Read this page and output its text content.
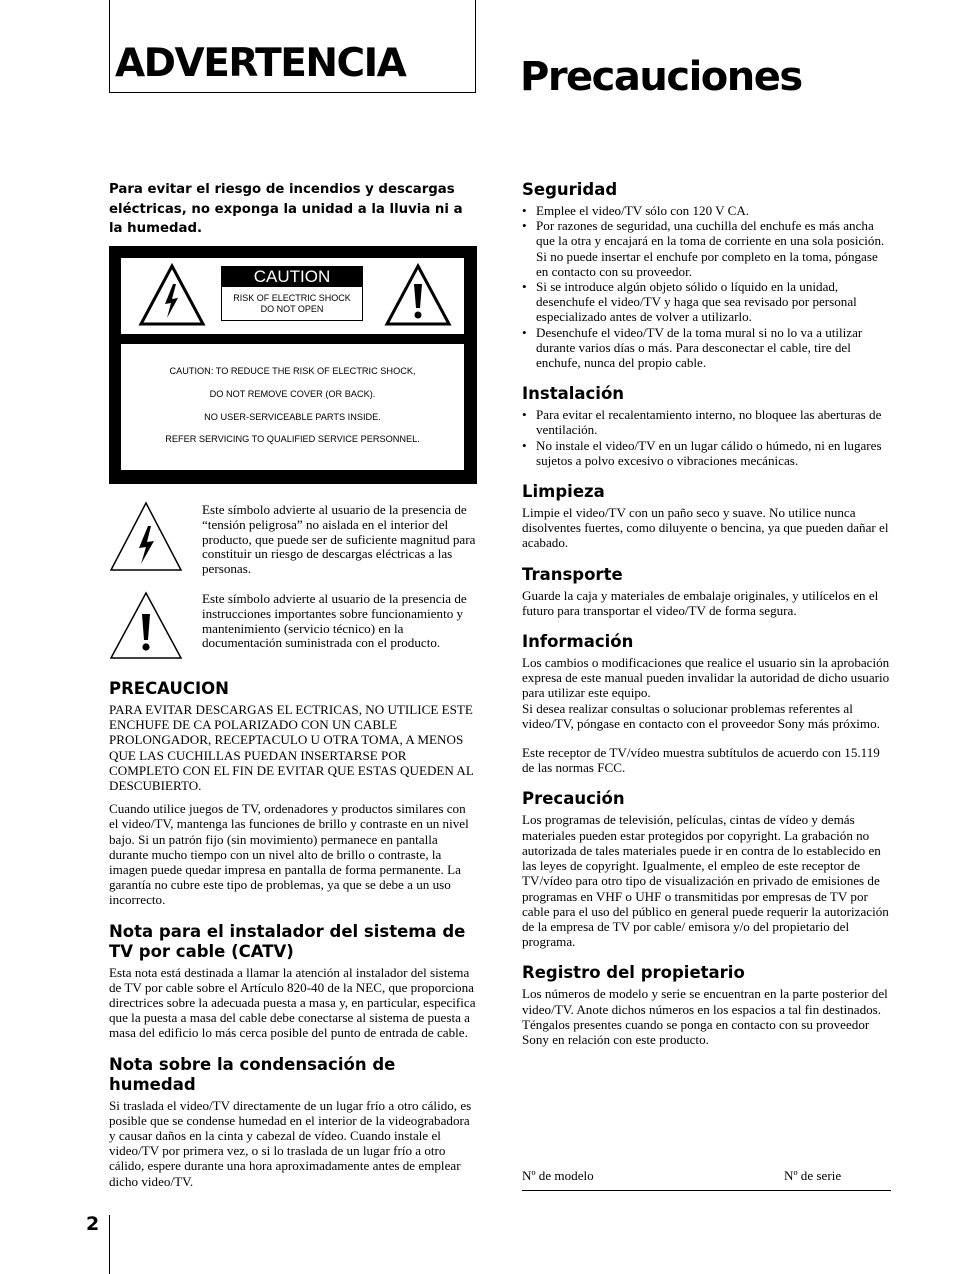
ADVERTENCIA	Precauciones

Para evitar el riesgo de incendios y descargas eléctricas, no exponga la unidad a la lluvia ni a la humedad.

CAUTION
RISK OF ELECTRIC SHOCK
DO NOT OPEN
CAUTION: TO REDUCE THE RISK OF ELECTRIC SHOCK,
DO NOT REMOVE COVER (OR BACK).
NO USER-SERVICEABLE PARTS INSIDE.
REFER SERVICING TO QUALIFIED SERVICE PERSONNEL.
Este símbolo advierte al usuario de la presencia de “tensión peligrosa” no aislada en el interior del producto, que puede ser de suficiente magnitud para constituir un riesgo de descargas eléctricas a las personas.
Este símbolo advierte al usuario de la presencia de instrucciones importantes sobre funcionamiento y mantenimiento (servicio técnico) en la documentación suministrada con el producto.
PRECAUCION

PARA EVITAR DESCARGAS EL ECTRICAS, NO UTILICE ESTE ENCHUFE DE CA POLARIZADO CON UN CABLE PROLONGADOR, RECEPTACULO U OTRA TOMA, A MENOS QUE LAS CUCHILLAS PUEDAN INSERTARSE POR COMPLETO CON EL FIN DE EVITAR QUE ESTAS QUEDEN AL DESCUBIERTO.

Cuando utilice juegos de TV, ordenadores y productos similares con el video/TV, mantenga las funciones de brillo y contraste en un nivel bajo. Si un patrón fijo (sin movimiento) permanece en pantalla durante mucho tiempo con un nivel alto de brillo o contraste, la imagen puede quedar impresa en pantalla de forma permanente. La garantía no cubre este tipo de problemas, ya que se debe a un uso incorrecto.

Nota para el instalador del sistema de TV por cable (CATV)

Esta nota está destinada a llamar la atención al instalador del sistema de TV por cable sobre el Artículo 820-40 de la NEC, que proporciona directrices sobre la adecuada puesta a masa y, en particular, especifica que la puesta a masa del cable debe conectarse al sistema de puesta a masa del edificio lo más cerca posible del punto de entrada de cable.

Nota sobre la condensación de humedad

Si traslada el video/TV directamente de un lugar frío a otro cálido, es posible que se condense humedad en el interior de la videograbadora y causar daños en la cinta y cabezal de vídeo. Cuando instale el video/TV por primera vez, o si lo traslada de un lugar frío a otro cálido, espere durante una hora aproximadamente antes de emplear dicho video/TV.

Seguridad
• Emplee el video/TV sólo con 120 V CA.
• Por razones de seguridad, una cuchilla del enchufe es más ancha que la otra y encajará en la toma de corriente en una sola posición. Si no puede insertar el enchufe por completo en la toma, póngase en contacto con su proveedor.
• Si se introduce algún objeto sólido o líquido en la unidad, desenchufe el video/TV y haga que sea revisado por personal especializado antes de volver a utilizarlo.
• Desenchufe el video/TV de la toma mural si no lo va a utilizar durante varios días o más. Para desconectar el cable, tire del enchufe, nunca del propio cable.
Instalación
• Para evitar el recalentamiento interno, no bloquee las aberturas de ventilación.
• No instale el video/TV en un lugar cálido o húmedo, ni en lugares sujetos a polvo excesivo o vibraciones mecánicas.
Limpieza

Limpie el video/TV con un paño seco y suave. No utilice nunca disolventes fuertes, como diluyente o bencina, ya que pueden dañar el acabado.

Transporte

Guarde la caja y materiales de embalaje originales, y utilícelos en el futuro para transportar el video/TV de forma segura.

Información

Los cambios o modificaciones que realice el usuario sin la aprobación expresa de este manual pueden invalidar la autoridad de dicho usuario para utilizar este equipo.

Si desea realizar consultas o solucionar problemas referentes al video/TV, póngase en contacto con el proveedor Sony más próximo.

Este receptor de TV/vídeo muestra subtítulos de acuerdo con 15.119 de las normas FCC.

Precaución

Los programas de televisión, películas, cintas de vídeo y demás materiales pueden estar protegidos por copyright. La grabación no autorizada de tales materiales puede ir en contra de lo establecido en las leyes de copyright. Igualmente, el empleo de este receptor de TV/vídeo para otro tipo de visualización en privado de emisiones de programas en VHF o UHF o transmitidas por empresas de TV por cable para el uso del público en general puede requerir la autorización de la empresa de TV por cable/ emisora y/o del propietario del programa.

Registro del propietario

Los números de modelo y serie se encuentran en la parte posterior del video/TV. Anote dichos números en los espacios a tal fin destinados. Téngalos presentes cuando se ponga en contacto con su proveedor Sony en relación con este producto.

Nº de modelo	Nº de serie
2
